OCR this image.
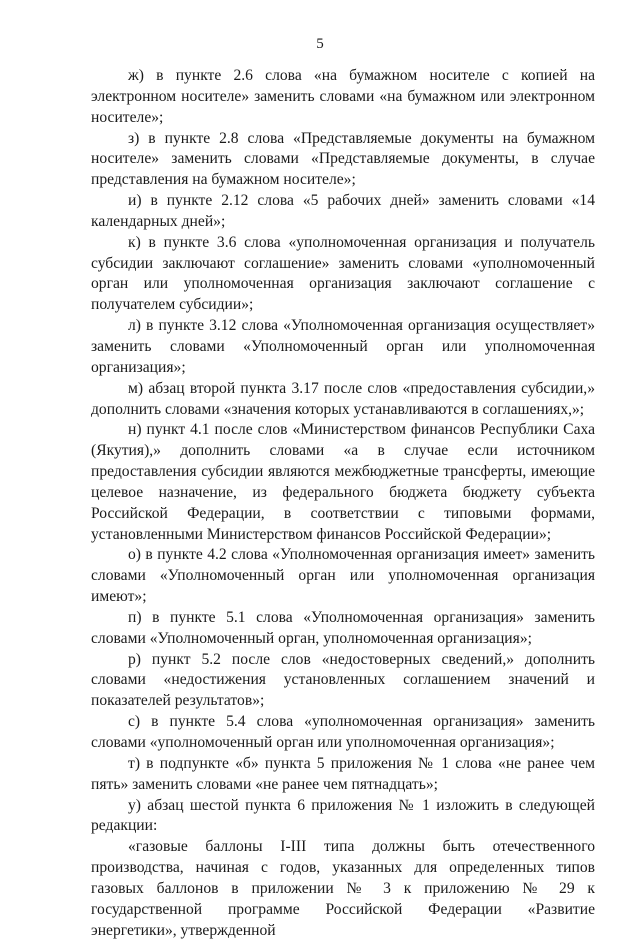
5

ж) в пункте 2.6 слова «на бумажном носителе с копией на электронном носителе» заменить словами «на бумажном или электронном носителе»;

з) в пункте 2.8 слова «Представляемые документы на бумажном носителе» заменить словами «Представляемые документы, в случае представления на бумажном носителе»;

и) в пункте 2.12 слова «5 рабочих дней» заменить словами «14 календарных дней»;

к) в пункте 3.6 слова «уполномоченная организация и получатель субсидии заключают соглашение» заменить словами «уполномоченный орган или уполномоченная организация заключают соглашение с получателем субсидии»;

л) в пункте 3.12 слова «Уполномоченная организация осуществляет» заменить словами «Уполномоченный орган или уполномоченная организация»;

м) абзац второй пункта 3.17 после слов «предоставления субсидии,» дополнить словами «значения которых устанавливаются в соглашениях,»;

н) пункт 4.1 после слов «Министерством финансов Республики Саха (Якутия),» дополнить словами «а в случае если источником предоставления субсидии являются межбюджетные трансферты, имеющие целевое назначение, из федерального бюджета бюджету субъекта Российской Федерации, в соответствии с типовыми формами, установленными Министерством финансов Российской Федерации»;

о) в пункте 4.2 слова «Уполномоченная организация имеет» заменить словами «Уполномоченный орган или уполномоченная организация имеют»;

п) в пункте 5.1 слова «Уполномоченная организация» заменить словами «Уполномоченный орган, уполномоченная организация»;

р) пункт 5.2 после слов «недостоверных сведений,» дополнить словами «недостижения установленных соглашением значений и показателей результатов»;

с) в пункте 5.4 слова «уполномоченная организация» заменить словами «уполномоченный орган или уполномоченная организация»;

т) в подпункте «б» пункта 5 приложения № 1 слова «не ранее чем пять» заменить словами «не ранее чем пятнадцать»;

у) абзац шестой пункта 6 приложения № 1 изложить в следующей редакции:

«газовые баллоны I-III типа должны быть отечественного производства, начиная с годов, указанных для определенных типов газовых баллонов в приложении № 3 к приложению № 29 к государственной программе Российской Федерации «Развитие энергетики», утвержденной
